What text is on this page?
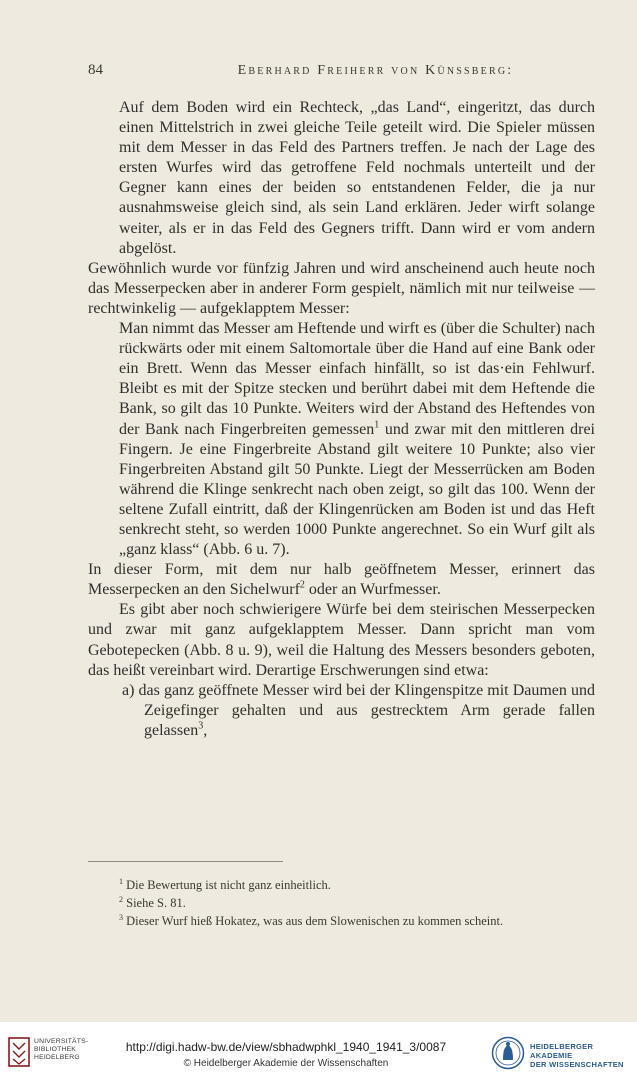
84	Eberhard Freiherr von Künssberg:

Auf dem Boden wird ein Rechteck, „das Land“, eingeritzt, das durch einen Mittelstrich in zwei gleiche Teile geteilt wird. Die Spieler müssen mit dem Messer in das Feld des Partners treffen. Je nach der Lage des ersten Wurfes wird das getroffene Feld nochmals unterteilt und der Gegner kann eines der beiden so entstandenen Felder, die ja nur ausnahmsweise gleich sind, als sein Land erklären. Jeder wirft solange weiter, als er in das Feld des Gegners trifft. Dann wird er vom andern abgelöst.

Gewöhnlich wurde vor fünfzig Jahren und wird anscheinend auch heute noch das Messerpecken aber in anderer Form gespielt, nämlich mit nur teilweise — rechtwinkelig — aufgeklapptem Messer:

Man nimmt das Messer am Heftende und wirft es (über die Schulter) nach rückwärts oder mit einem Saltomortale über die Hand auf eine Bank oder ein Brett. Wenn das Messer einfach hinfällt, so ist das·ein Fehlwurf. Bleibt es mit der Spitze stecken und berührt dabei mit dem Heftende die Bank, so gilt das 10 Punkte. Weiters wird der Abstand des Heftendes von der Bank nach Fingerbreiten gemessen$^1$ und zwar mit den mittleren drei Fingern. Je eine Fingerbreite Abstand gilt weitere 10 Punkte; also vier Fingerbreiten Abstand gilt 50 Punkte. Liegt der Messerrücken am Boden während die Klinge senkrecht nach oben zeigt, so gilt das 100. Wenn der seltene Zufall eintritt, daß der Klingenrücken am Boden ist und das Heft senkrecht steht, so werden 1000 Punkte angerechnet. So ein Wurf gilt als „ganz klass“ (Abb. 6 u. 7).

In dieser Form, mit dem nur halb geöffnetem Messer, erinnert das Messerpecken an den Sichelwurf$^2$ oder an Wurfmesser.

Es gibt aber noch schwierigere Würfe bei dem steirischen Messerpecken und zwar mit ganz aufgeklapptem Messer. Dann spricht man vom Gebotepecken (Abb. 8 u. 9), weil die Haltung des Messers besonders geboten, das heißt vereinbart wird. Derartige Erschwerungen sind etwa:

a) das ganz geöffnete Messer wird bei der Klingenspitze mit Daumen und Zeigefinger gehalten und aus gestrecktem Arm gerade fallen gelassen$^3$,

$^1$ Die Bewertung ist nicht ganz einheitlich.

$^2$ Siehe S. 81.

$^3$ Dieser Wurf hieß Hokatez, was aus dem Slowenischen zu kommen scheint.

UNIVERSITÄTS-
BIBLIOTHEK
HEIDELBERG
http://digi.hadw-bw.de/view/sbhadwphkl_1940_1941_3/0087
© Heidelberger Akademie der Wissenschaften
HEIDELBERGER AKADEMIE
DER WISSENSCHAFTEN
